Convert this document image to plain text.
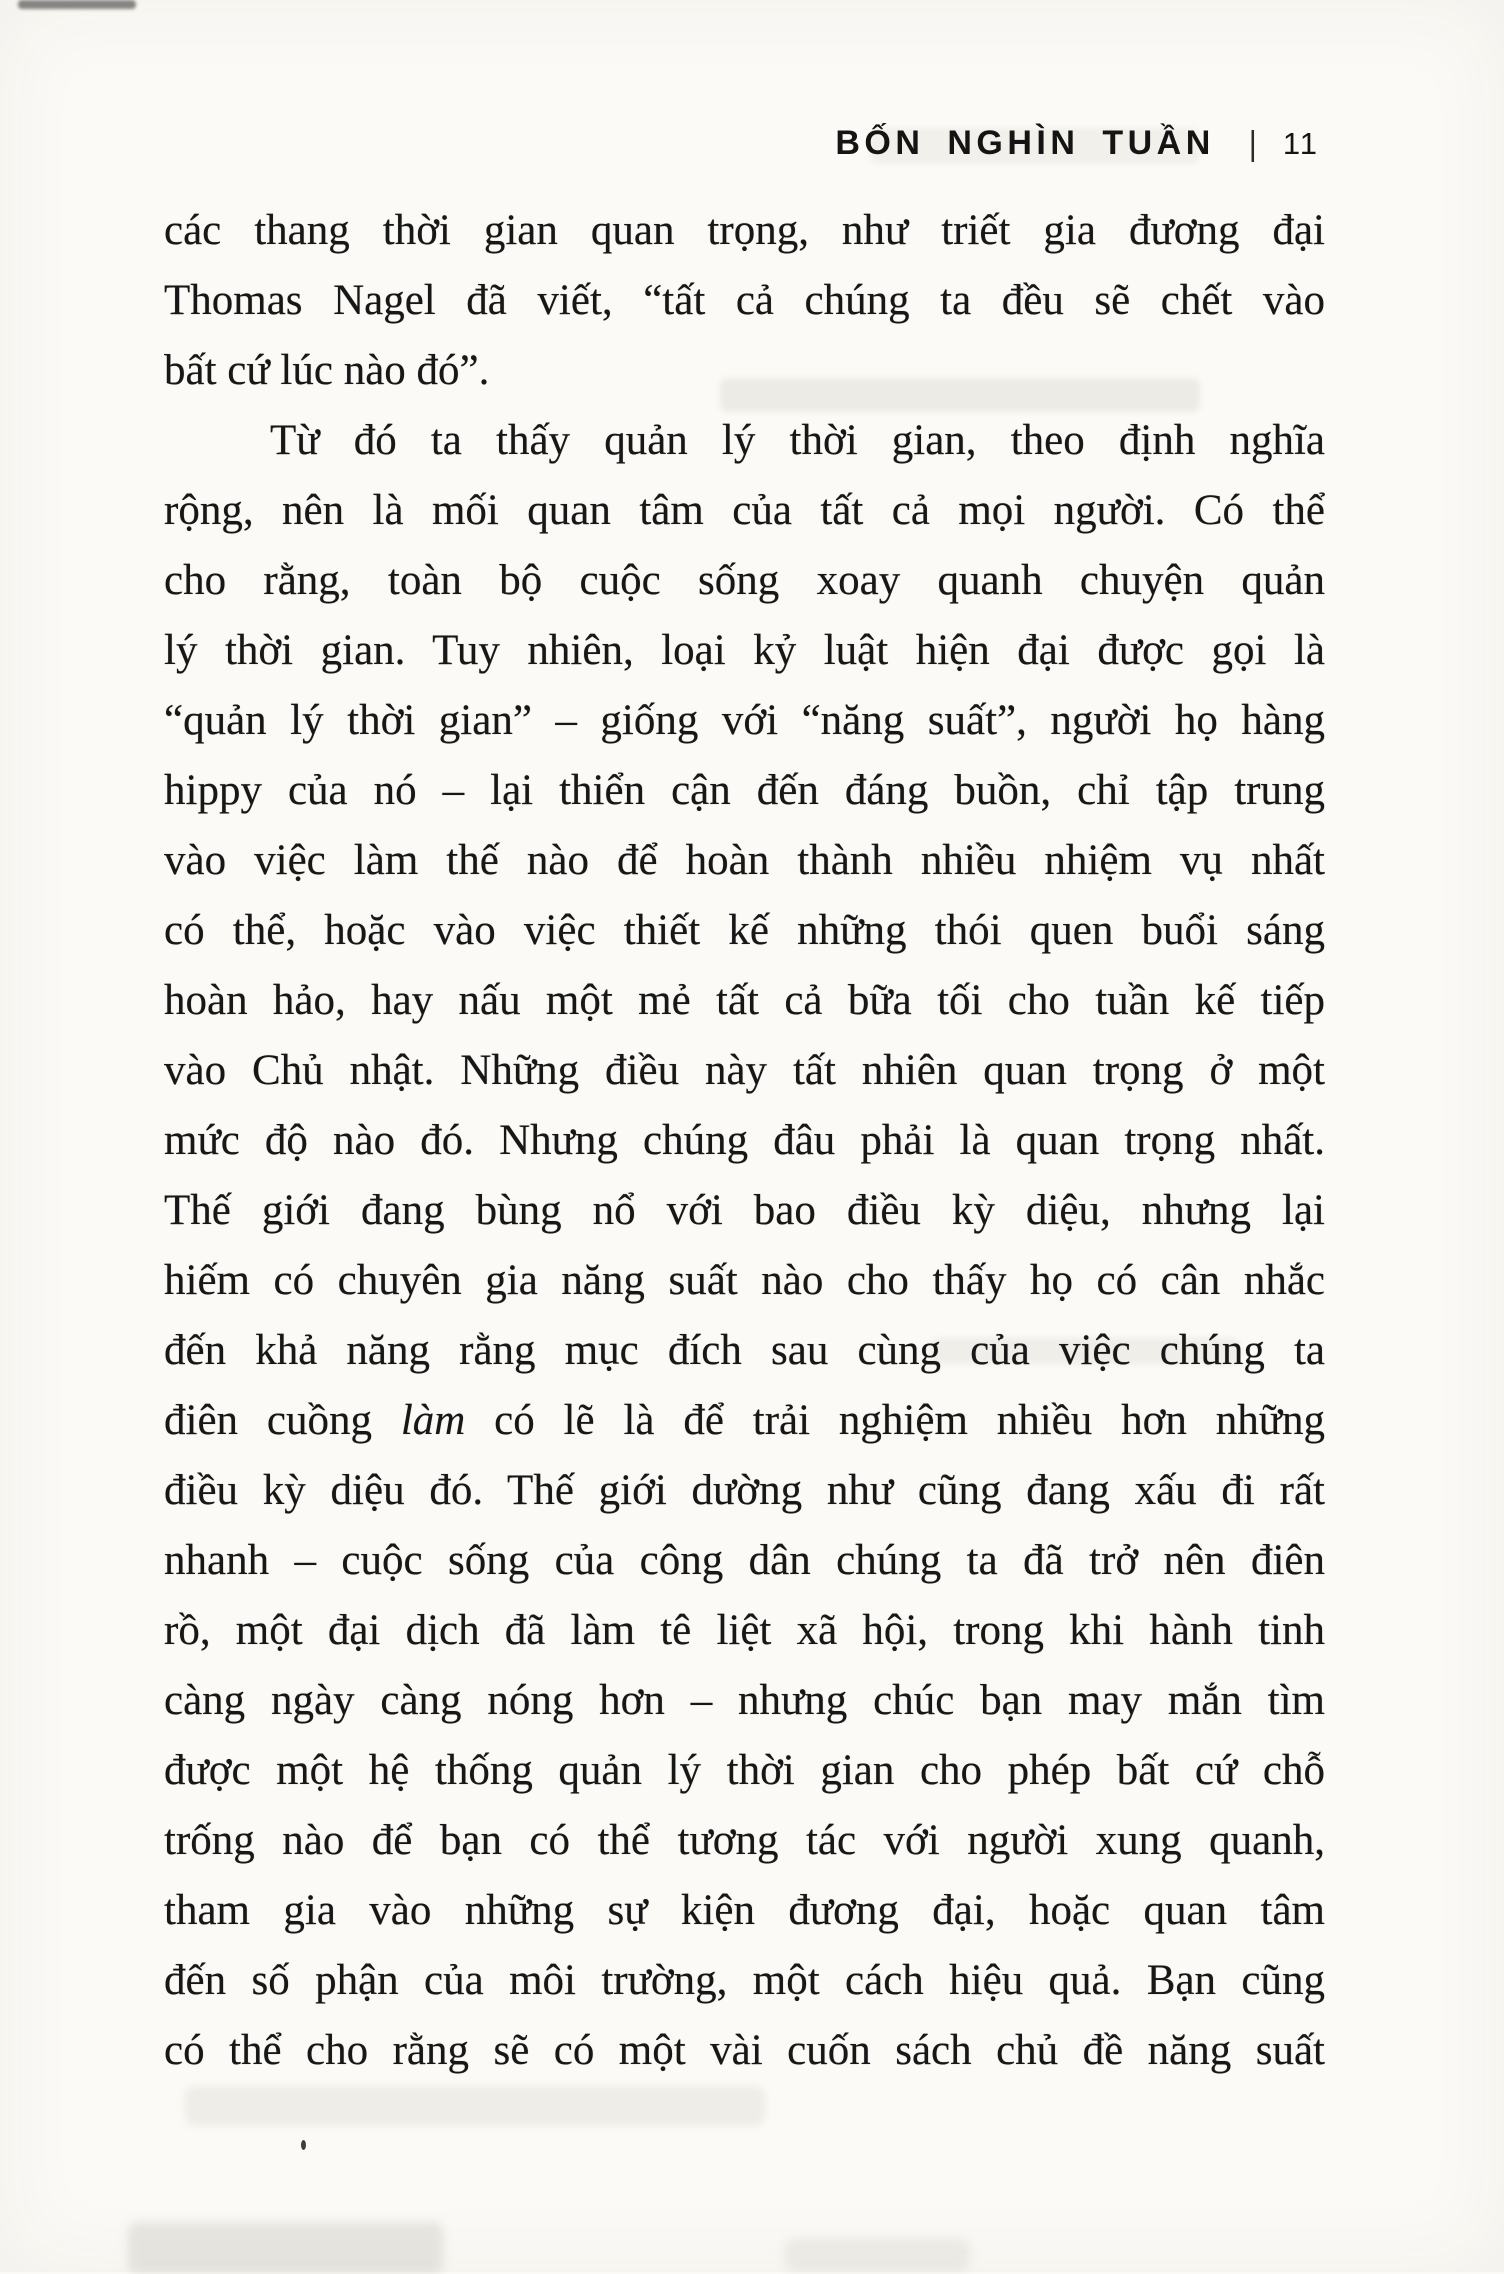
BỐN NGHÌN TUẦN | 11
các thang thời gian quan trọng, như triết gia đương đại
Thomas Nagel đã viết, “tất cả chúng ta đều sẽ chết vào
bất cứ lúc nào đó”.
Từ đó ta thấy quản lý thời gian, theo định nghĩa
rộng, nên là mối quan tâm của tất cả mọi người. Có thể
cho rằng, toàn bộ cuộc sống xoay quanh chuyện quản
lý thời gian. Tuy nhiên, loại kỷ luật hiện đại được gọi là
“quản lý thời gian” – giống với “năng suất”, người họ hàng
hippy của nó – lại thiển cận đến đáng buồn, chỉ tập trung
vào việc làm thế nào để hoàn thành nhiều nhiệm vụ nhất
có thể, hoặc vào việc thiết kế những thói quen buổi sáng
hoàn hảo, hay nấu một mẻ tất cả bữa tối cho tuần kế tiếp
vào Chủ nhật. Những điều này tất nhiên quan trọng ở một
mức độ nào đó. Nhưng chúng đâu phải là quan trọng nhất.
Thế giới đang bùng nổ với bao điều kỳ diệu, nhưng lại
hiếm có chuyên gia năng suất nào cho thấy họ có cân nhắc
đến khả năng rằng mục đích sau cùng của việc chúng ta
điên cuồng làm có lẽ là để trải nghiệm nhiều hơn những
điều kỳ diệu đó. Thế giới dường như cũng đang xấu đi rất
nhanh – cuộc sống của công dân chúng ta đã trở nên điên
rồ, một đại dịch đã làm tê liệt xã hội, trong khi hành tinh
càng ngày càng nóng hơn – nhưng chúc bạn may mắn tìm
được một hệ thống quản lý thời gian cho phép bất cứ chỗ
trống nào để bạn có thể tương tác với người xung quanh,
tham gia vào những sự kiện đương đại, hoặc quan tâm
đến số phận của môi trường, một cách hiệu quả. Bạn cũng
có thể cho rằng sẽ có một vài cuốn sách chủ đề năng suất
